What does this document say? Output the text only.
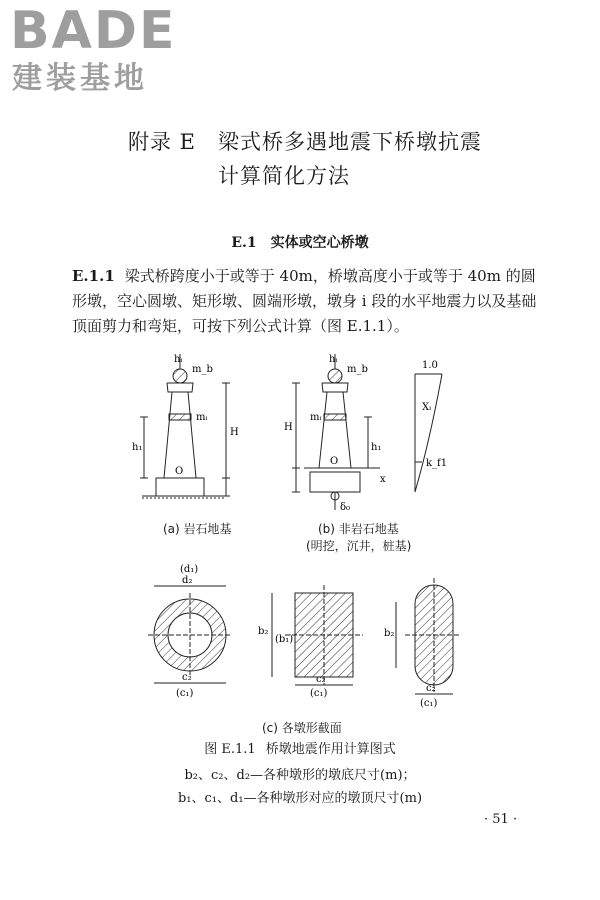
BADE
建装基地
附录 E　梁式桥多遇地震下桥墩抗震
计算简化方法
E.1 实体或空心桥墩
E.1.1 梁式桥跨度小于或等于 40m，桥墩高度小于或等于 40m 的圆形墩，空心圆墩、矩形墩、圆端形墩，墩身 i 段的水平地震力以及基础顶面剪力和弯矩，可按下列公式计算（图 E.1.1）。
hᵢ
m_b
mᵢ
h₁
H
O
hᵢ
m_b
mᵢ
H
h₁
O
x
δ₀
1.0
Xᵢ
k_f1
(d₁)
d₂
c₂
(c₁)
b₂
(b₁)
c₂
(c₁)
b₂
c₂
(c₁)
(a) 岩石地基	(b) 非岩石地基
(明挖，沉井，桩基)
(c) 各墩形截面
图 E.1.1 桥墩地震作用计算图式
b₂、c₂、d₂—各种墩形的墩底尺寸(m)；
b₁、c₁、d₁—各种墩形对应的墩顶尺寸(m)
· 51 ·
